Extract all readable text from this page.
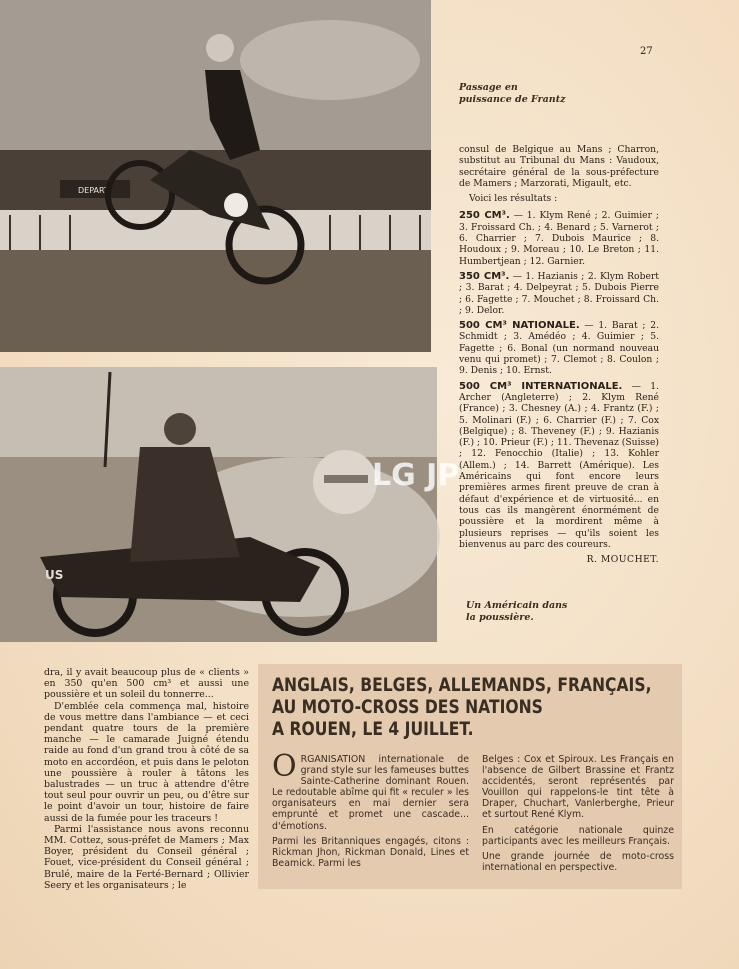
DEPART
US
LG JP
27
Passage en puissance de Frantz
Un Américain dans la poussière.

consul de Belgique au Mans ; Charron, substitut au Tribunal du Mans : Vaudoux, secrétaire général de la sous-préfecture de Mamers ; Marzorati, Migault, etc.

Voici les résultats :

250 CM³. — 1. Klym René ; 2. Guimier ; 3. Froissard Ch. ; 4. Benard ; 5. Varnerot ; 6. Charrier ; 7. Dubois Maurice ; 8. Houdoux ; 9. Moreau ; 10. Le Breton ; 11. Humbertjean ; 12. Garnier.

350 CM³. — 1. Hazianis ; 2. Klym Robert ; 3. Barat ; 4. Delpeyrat ; 5. Dubois Pierre ; 6. Fagette ; 7. Mouchet ; 8. Froissard Ch. ; 9. Delor.

500 CM³ NATIONALE. — 1. Barat ; 2. Schmidt ; 3. Amédéo ; 4. Guimier ; 5. Fagette ; 6. Bonal (un normand nouveau venu qui promet) ; 7. Clemot ; 8. Coulon ; 9. Denis ; 10. Ernst.

500 CM³ INTERNATIONALE. — 1. Archer (Angleterre) ; 2. Klym René (France) ; 3. Chesney (A.) ; 4. Frantz (F.) ; 5. Molinari (F.) ; 6. Charrier (F.) ; 7. Cox (Belgique) ; 8. Theveney (F.) ; 9. Hazianis (F.) ; 10. Prieur (F.) ; 11. Thevenaz (Suisse) ; 12. Fenocchio (Italie) ; 13. Kohler (Allem.) ; 14. Barrett (Amérique). Les Américains qui font encore leurs premières armes firent preuve de cran à défaut d'expérience et de virtuosité... en tous cas ils mangèrent énormément de poussière et la mordirent même à plusieurs reprises — qu'ils soient les bienvenus au parc des coureurs.

R. MOUCHET.

dra, il y avait beaucoup plus de « clients » en 350 qu'en 500 cm³ et aussi une poussière et un soleil du tonnerre...

D'emblée cela commença mal, histoire de vous mettre dans l'ambiance — et ceci pendant quatre tours de la première manche — le camarade Juigné étendu raide au fond d'un grand trou à côté de sa moto en accordéon, et puis dans le peloton une poussière à rouler à tâtons les balustrades — un truc à attendre d'être tout seul pour ouvrir un peu, ou d'être sur le point d'avoir un tour, histoire de faire aussi de la fumée pour les traceurs !

Parmi l'assistance nous avons reconnu MM. Cottez, sous-préfet de Mamers ; Max Boyer, président du Conseil général ; Fouet, vice-président du Conseil général ; Brulé, maire de la Ferté-Bernard ; Ollivier Seery et les organisateurs ; le

ANGLAIS, BELGES, ALLEMANDS, FRANÇAIS,
AU MOTO-CROSS DES NATIONS
A ROUEN, LE 4 JUILLET.

ORGANISATION internationale de grand style sur les fameuses buttes Sainte-Catherine dominant Rouen. Le redoutable abîme qui fit « reculer » les organisateurs en mai dernier sera emprunté et promet une cascade... d'émotions.

Parmi les Britanniques engagés, citons : Rickman Jhon, Rickman Donald, Lines et Beamick. Parmi les

Belges : Cox et Spiroux. Les Français en l'absence de Gilbert Brassine et Frantz accidentés, seront représentés par Vouillon qui rappelons-le tint tête à Draper, Chuchart, Vanlerberghe, Prieur et surtout René Klym.

En catégorie nationale quinze participants avec les meilleurs Français.

Une grande journée de moto-cross international en perspective.
